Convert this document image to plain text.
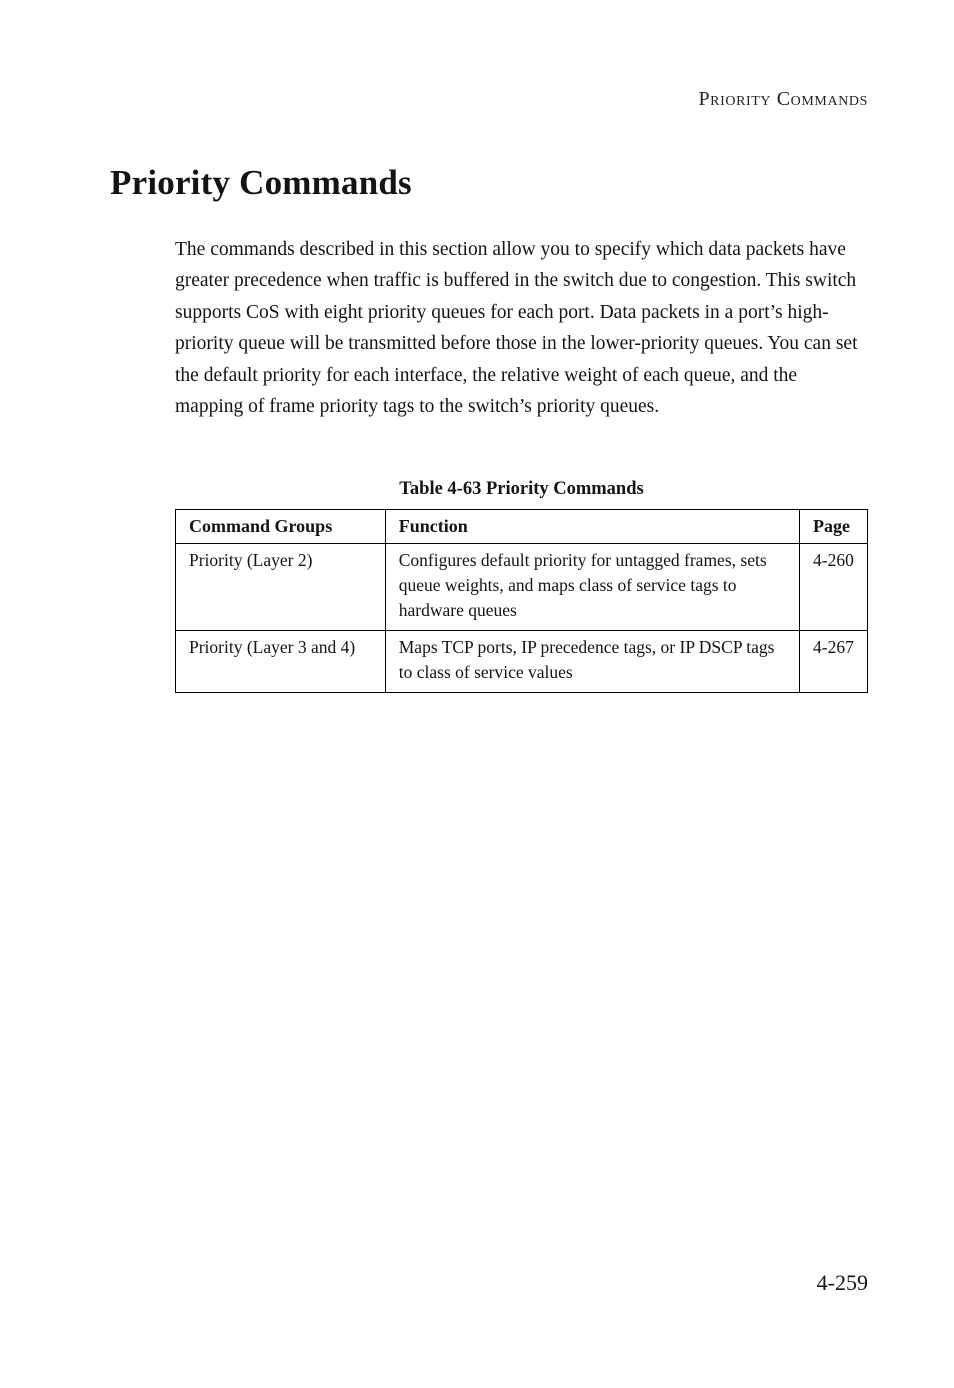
Priority Commands
Priority Commands

The commands described in this section allow you to specify which data packets have greater precedence when traffic is buffered in the switch due to congestion. This switch supports CoS with eight priority queues for each port. Data packets in a port’s high-priority queue will be transmitted before those in the lower-priority queues. You can set the default priority for each interface, the relative weight of each queue, and the mapping of frame priority tags to the switch’s priority queues.

Table 4-63 Priority Commands
Command Groups	Function	Page
Priority (Layer 2)	Configures default priority for untagged frames, sets queue weights, and maps class of service tags to hardware queues	4-260
Priority (Layer 3 and 4)	Maps TCP ports, IP precedence tags, or IP DSCP tags to class of service values	4-267
4-259
